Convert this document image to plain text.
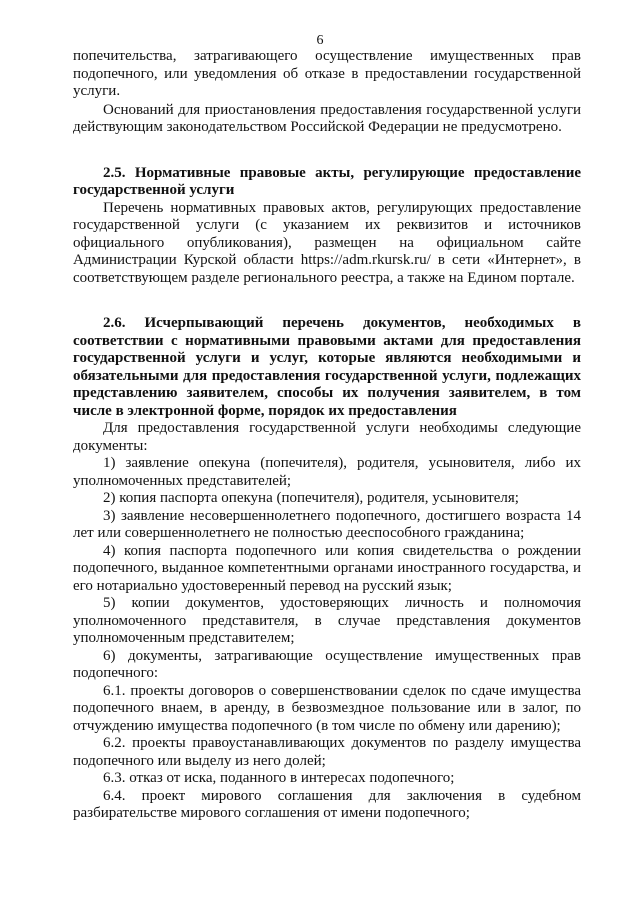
6

попечительства, затрагивающего осуществление имущественных прав подопечного, или уведомления об отказе в предоставлении государственной услуги.

Оснований для приостановления предоставления государственной услуги действующим законодательством Российской Федерации не предусмотрено.

2.5. Нормативные правовые акты, регулирующие предоставление государственной услуги

Перечень нормативных правовых актов, регулирующих предоставление государственной услуги (с указанием их реквизитов и источников официального опубликования), размещен на официальном сайте Администрации Курской области https://adm.rkursk.ru/ в сети «Интернет», в соответствующем разделе регионального реестра, а также на Едином портале.

2.6. Исчерпывающий перечень документов, необходимых в соответствии с нормативными правовыми актами для предоставления государственной услуги и услуг, которые являются необходимыми и обязательными для предоставления государственной услуги, подлежащих представлению заявителем, способы их получения заявителем, в том числе в электронной форме, порядок их предоставления

Для предоставления государственной услуги необходимы следующие документы:

1) заявление опекуна (попечителя), родителя, усыновителя, либо их уполномоченных представителей;

2) копия паспорта опекуна (попечителя), родителя, усыновителя;

3) заявление несовершеннолетнего подопечного, достигшего возраста 14 лет или совершеннолетнего не полностью дееспособного гражданина;

4) копия паспорта подопечного или копия свидетельства о рождении подопечного, выданное компетентными органами иностранного государства, и его нотариально удостоверенный перевод на русский язык;

5) копии документов, удостоверяющих личность и полномочия уполномоченного представителя, в случае представления документов уполномоченным представителем;

6) документы, затрагивающие осуществление имущественных прав подопечного:

6.1. проекты договоров о совершенствовании сделок по сдаче имущества подопечного внаем, в аренду, в безвозмездное пользование или в залог, по отчуждению имущества подопечного (в том числе по обмену или дарению);

6.2. проекты правоустанавливающих документов по разделу имущества подопечного или выделу из него долей;

6.3. отказ от иска, поданного в интересах подопечного;

6.4. проект мирового соглашения для заключения в судебном разбирательстве мирового соглашения от имени подопечного;
